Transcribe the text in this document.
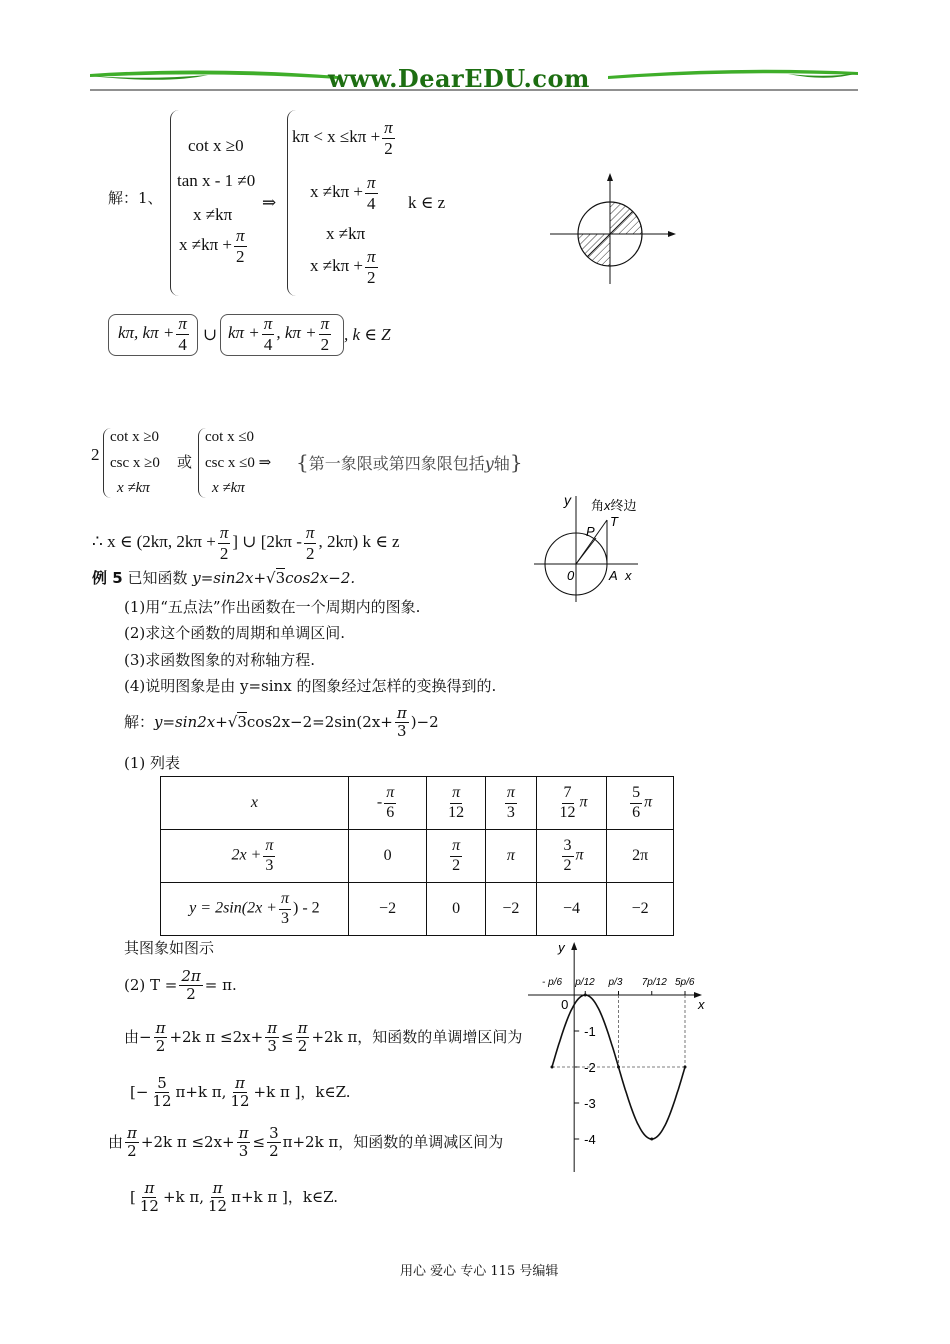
www.DearEDU.com
解：1、
cot x ≥0
tan x - 1 ≠0
x ≠kπ
$x \ne k\pi + \frac{\pi}{2}$
⇒
$k\pi < x \le k\pi + \frac{\pi}{2}$
$x \ne k\pi + \frac{\pi}{4}$ k ∈ z
x ≠kπ
$x \ne k\pi + \frac{\pi}{2}$
kπ, $k\pi + \frac{\pi}{4}$ ∪ $k\pi + \frac{\pi}{4}$ , $k\pi + \frac{\pi}{2}$ , k ∈ Z
2
cot x ≥0
csc x ≥0 或
x ≠kπ
cot x ≤0
csc x ≤0 ⇒
x ≠kπ
{第一象限或第四象限包括y轴}
∴ x ∈ (2kπ, $2k\pi + \frac{\pi}{2}$ ] ∪ [$2k\pi - \frac{\pi}{2}$ , 2kπ) k ∈ z
y 角x终边
P
T
0	A x
例 5 已知函数 y=sin2x+√3cos2x−2.
(1)用“五点法”作出函数在一个周期内的图象.
(2)求这个函数的周期和单调区间.
(3)求函数图象的对称轴方程.
(4)说明图象是由 y=sinx 的图象经过怎样的变换得到的.
解：$y=\sin 2x+√3\cos 2x-2=2\sin(2x+ \frac{\pi}{3} )-2$
(1) 列表
x	- $\frac{\pi}{6}$	$\frac{\pi}{12}$	$\frac{\pi}{3}$	$\frac{7}{12}$ π	$\frac{5}{6}$ π
$2x + \frac{\pi}{3}$	0	$\frac{\pi}{2}$	π	$\frac{3}{2}$ π	2π
$y = 2\sin(2x + \frac{\pi}{3}$ ) - 2	−2	0	−2	−4	−2
其图象如图示
(2) $T = \frac{2\pi}{2} = \pi$.
由− $\frac{\pi}{2} +2k$ $\pi \le 2x+ \frac{\pi}{3} \le \frac{\pi}{2} +2k$ π，知函数的单调增区间为
[− $\frac{5}{12} \pi+k$ π, $\frac{\pi}{12} +k$ π ]，k∈Z.
由 $\frac{\pi}{2} +2k$ $\pi \le 2x+ \frac{\pi}{3} \le \frac{3}{2} \pi+2k$ π，知函数的单调减区间为
[ $\frac{\pi}{12} +k$ π, $\frac{\pi}{12} \pi+k$ π ]，k∈Z.
y
x
0
-1
-2
-3
-4
- p/6 p/12 p/3 7p/12 5p/6
用心 爱心 专心 115 号编辑
